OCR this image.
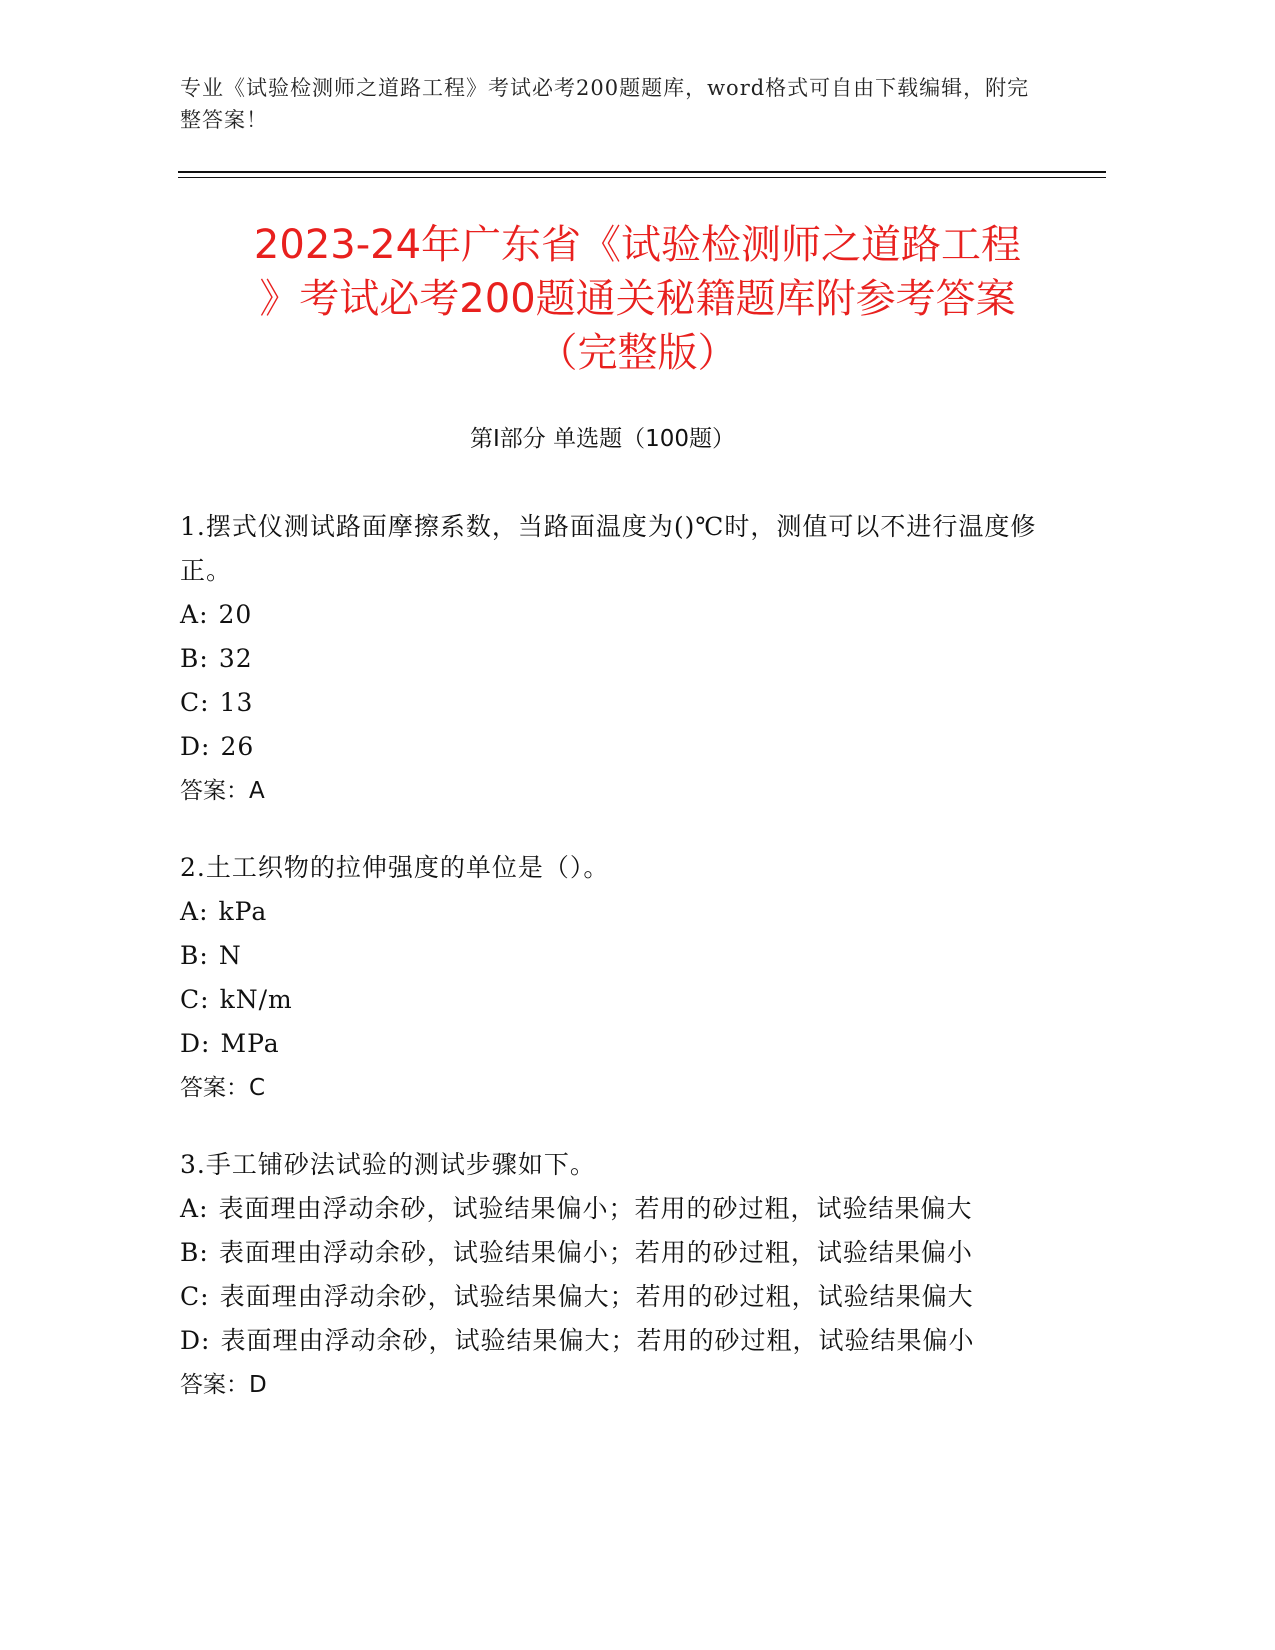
专业《试验检测师之道路工程》考试必考200题题库，word格式可自由下载编辑，附完整答案！
2023-24年广东省《试验检测师之道路工程
》考试必考200题通关秘籍题库附参考答案
（完整版）
第I部分 单选题（100题）

1.摆式仪测试路面摩擦系数，当路面温度为()℃时，测值可以不进行温度修正。

A: 20
B: 32
C: 13
D: 26
答案：A

2.土工织物的拉伸强度的单位是（）。

A: kPa
B: N
C: kN/m
D: MPa
答案：C

3.手工铺砂法试验的测试步骤如下。

A: 表面理由浮动余砂，试验结果偏小；若用的砂过粗，试验结果偏大
B: 表面理由浮动余砂，试验结果偏小；若用的砂过粗，试验结果偏小
C: 表面理由浮动余砂，试验结果偏大；若用的砂过粗，试验结果偏大
D: 表面理由浮动余砂，试验结果偏大；若用的砂过粗，试验结果偏小
答案：D
